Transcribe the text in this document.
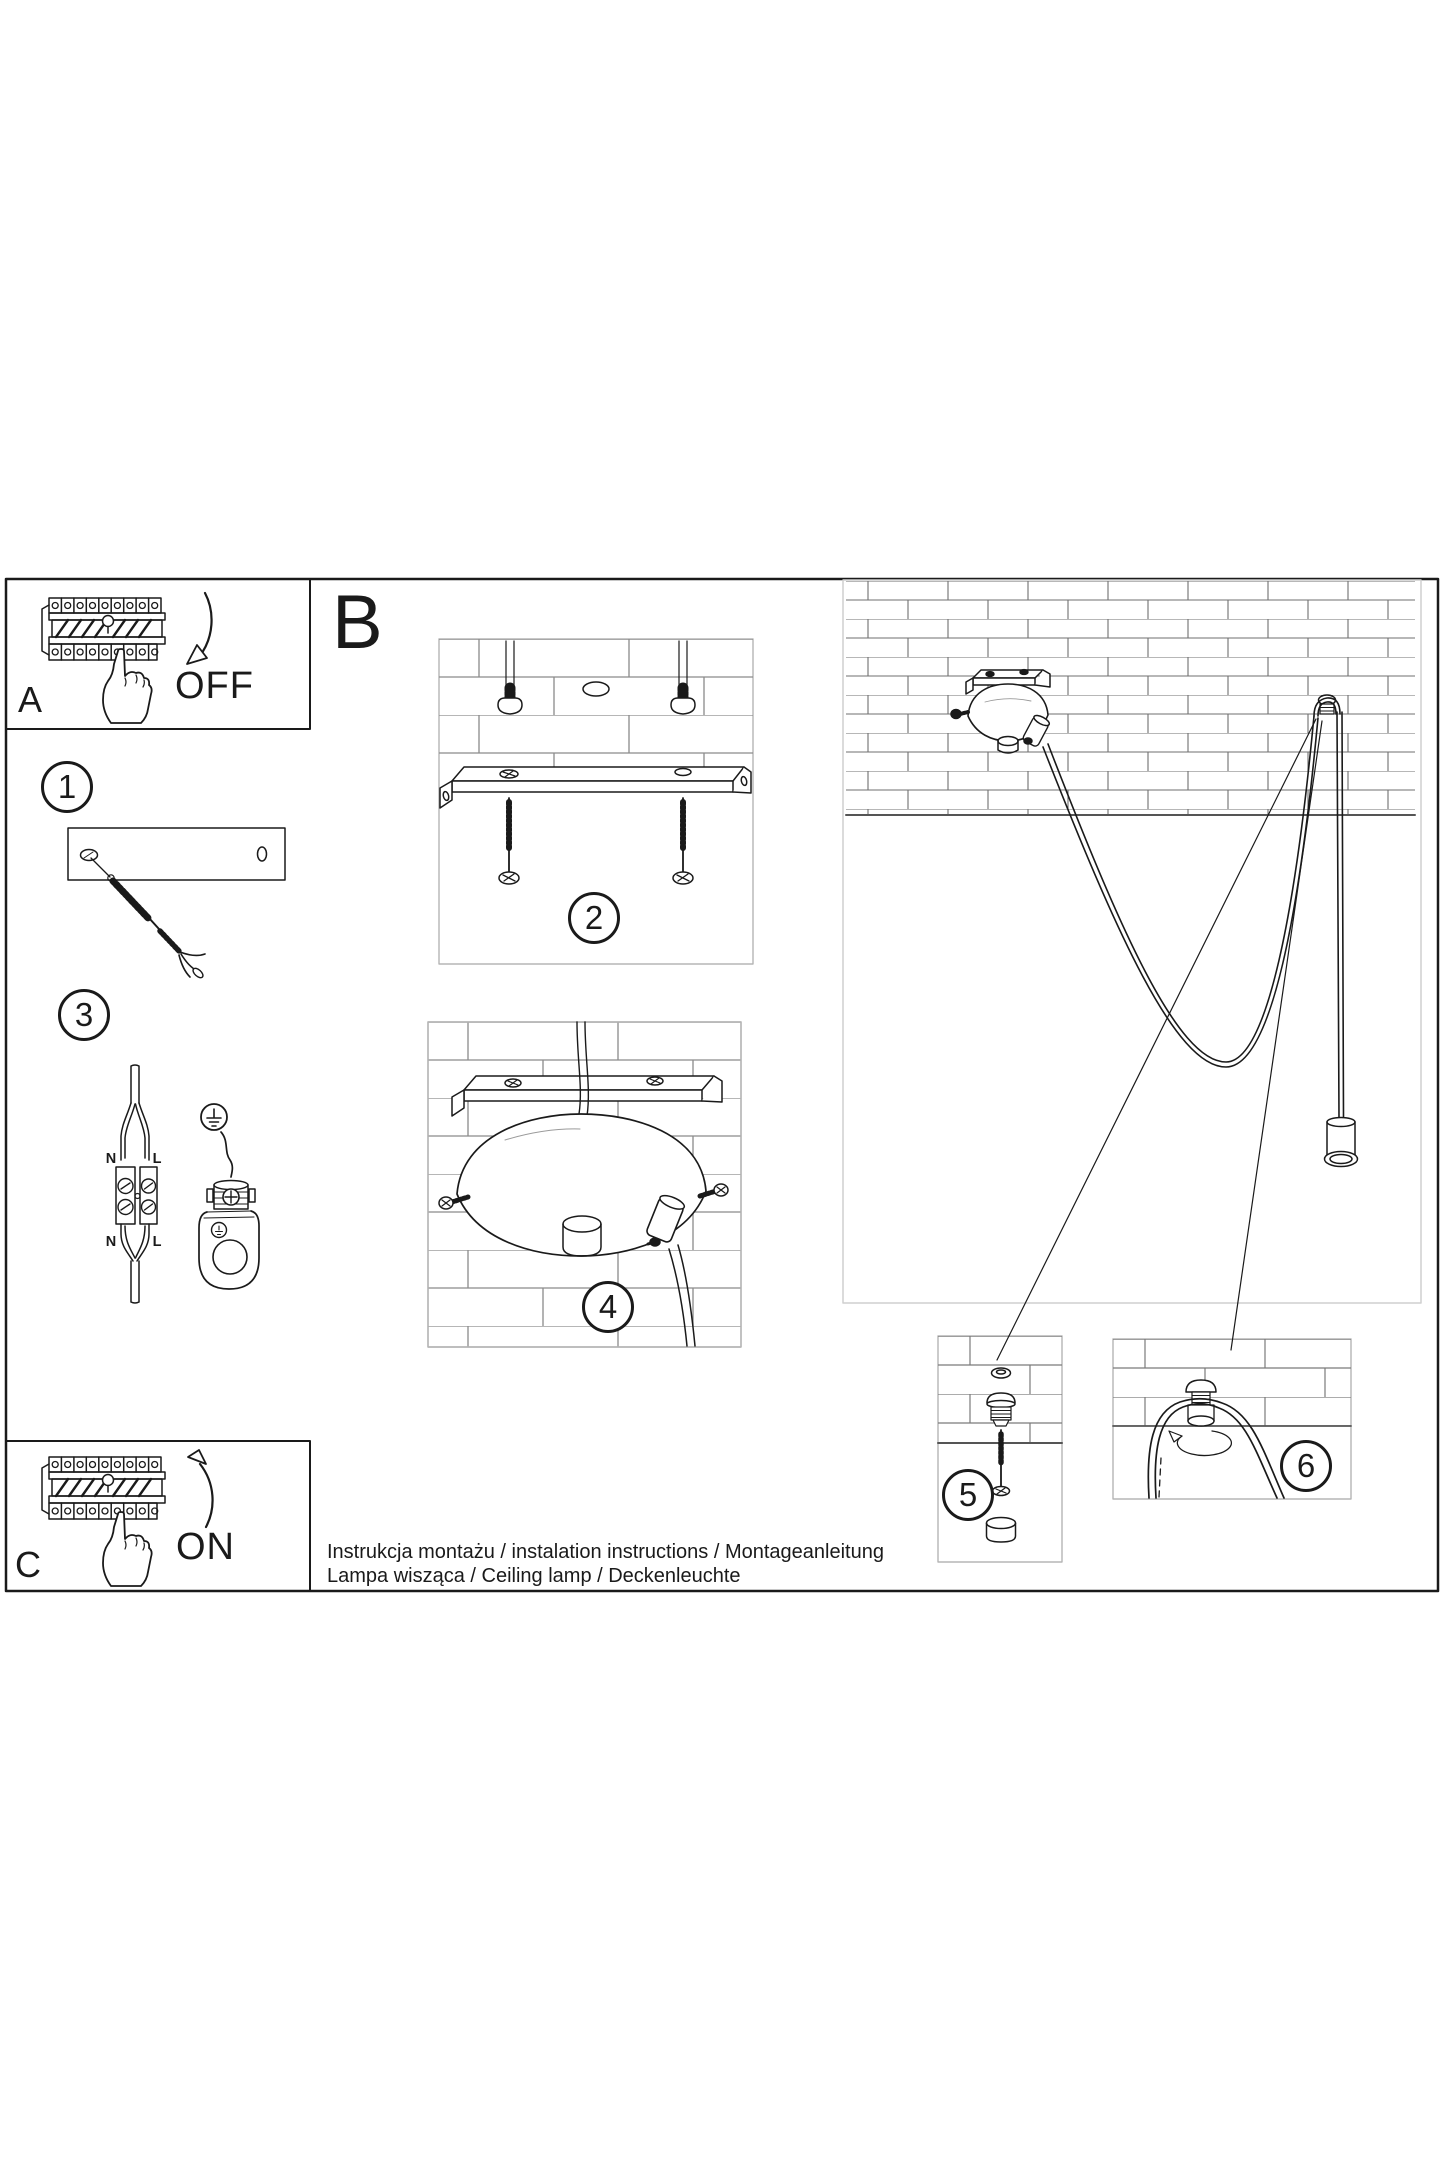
N	L
N	L
A
B
C
OFF
ON
1
2
3
4
5
6
Instrukcja montażu / instalation instructions / Montageanleitung
Lampa wisząca / Ceiling lamp / Deckenleuchte
